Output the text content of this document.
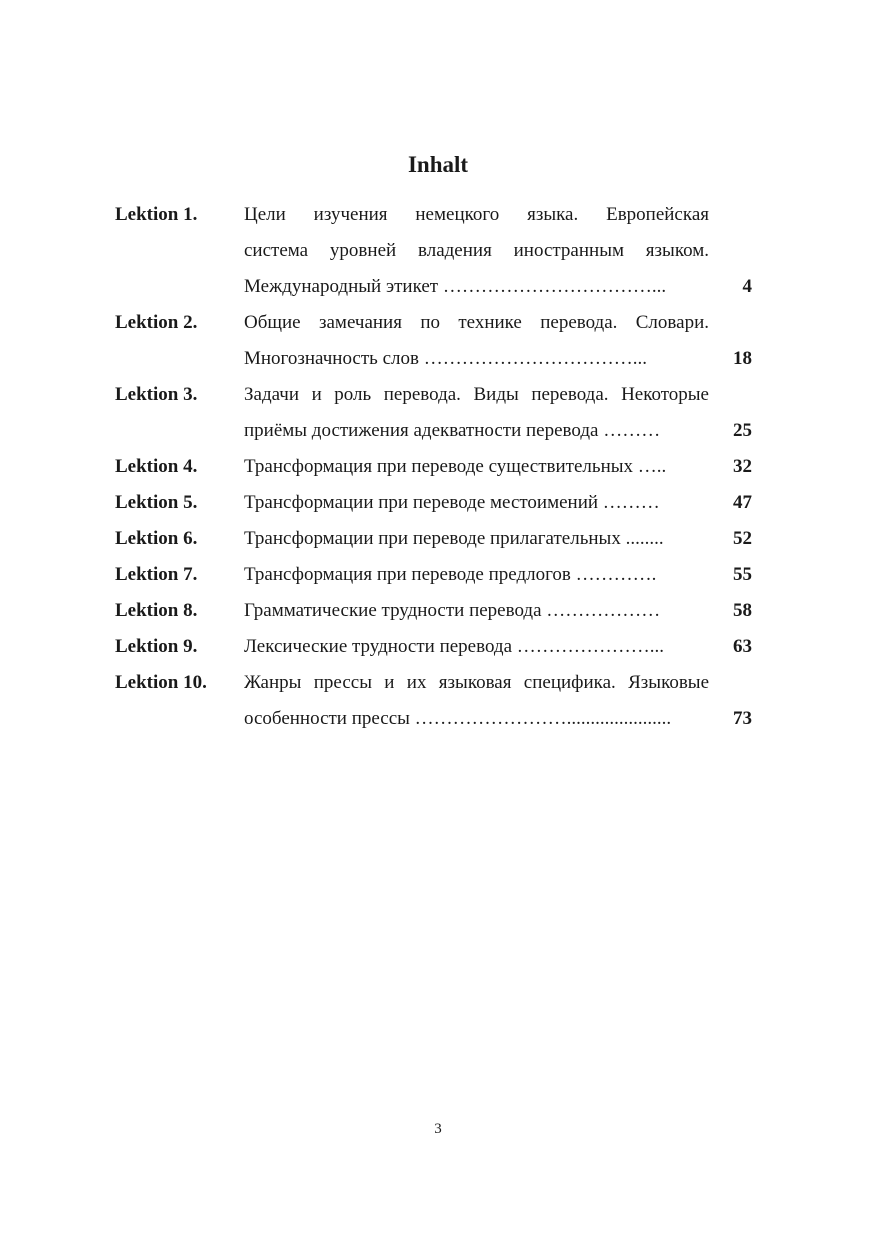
Inhalt
Lektion 1. Цели изучения немецкого языка. Европейская
система уровней владения иностранным языком.
Международный этикет ……………………………...	4
Lektion 2. Общие замечания по технике перевода. Словари.
Многозначность слов ……………………………...	18
Lektion 3. Задачи и роль перевода. Виды перевода. Некоторые
приёмы достижения адекватности перевода ………	25
Lektion 4. Трансформация при переводе существительных …..	32
Lektion 5. Трансформации при переводе местоимений ………	47
Lektion 6. Трансформации при переводе прилагательных ........	52
Lektion 7. Трансформация при переводе предлогов ………….	55
Lektion 8. Грамматические трудности перевода ………………	58
Lektion 9. Лексические трудности перевода …………………...	63
Lektion 10. Жанры прессы и их языковая специфика. Языковые
особенности прессы ……………………......................	73
3
